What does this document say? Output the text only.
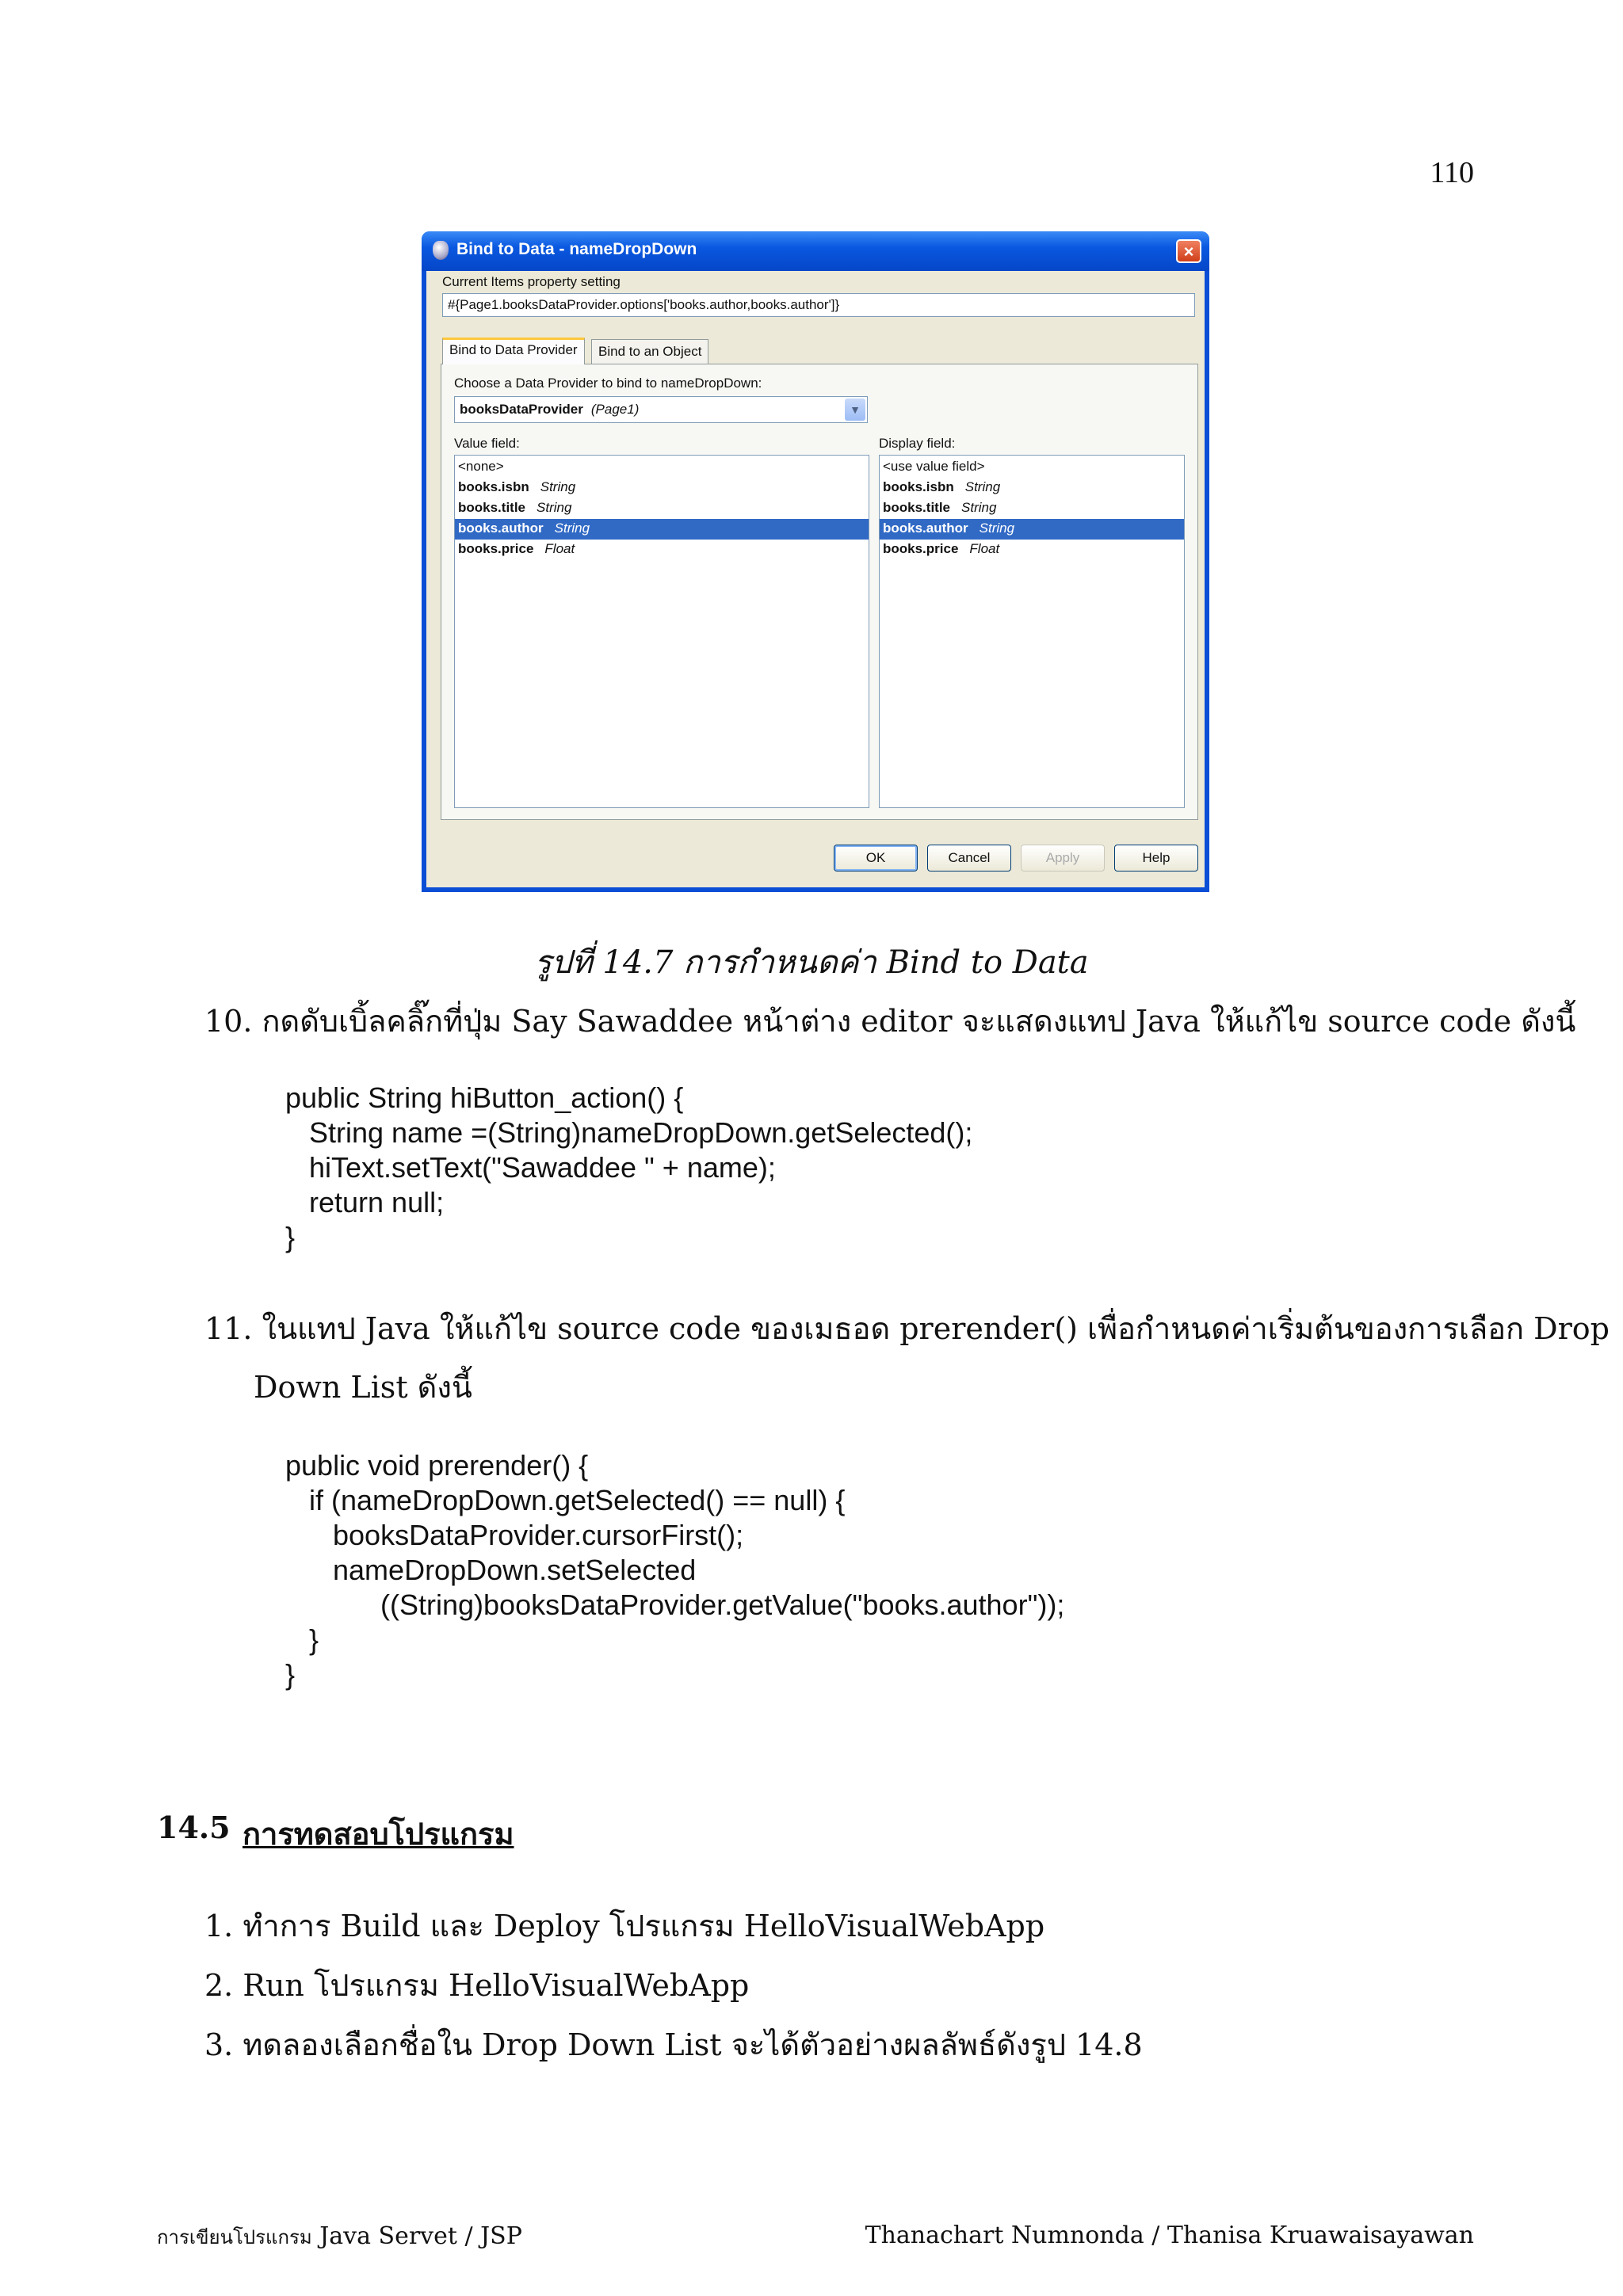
110
Bind to Data - nameDropDown	×
Current Items property setting
#{Page1.booksDataProvider.options['books.author,books.author']}
Bind to Data Provider	Bind to an Object
Choose a Data Provider to bind to nameDropDown:
booksDataProvider (Page1)	▼
Value field:	Display field:
<none>
books.isbn String
books.title String
books.author String
books.price Float
<use value field>
books.isbn String
books.title String
books.author String
books.price Float
OK	Cancel	Apply	Help
รูปที่ 14.7 การกำหนดค่า Bind to Data
10. กดดับเบิ้ลคลิ๊กที่ปุ่ม Say Sawaddee หน้าต่าง editor จะแสดงแทป Java ให้แก้ไข source code ดังนี้
public String hiButton_action() {
String name =(String)nameDropDown.getSelected();
hiText.setText("Sawaddee " + name);
return null;
}
11. ในแทป Java ให้แก้ไข source code ของเมธอด prerender() เพื่อกำหนดค่าเริ่มต้นของการเลือก Drop
Down List ดังนี้
public void prerender() {
if (nameDropDown.getSelected() == null) {
booksDataProvider.cursorFirst();
nameDropDown.setSelected
((String)booksDataProvider.getValue("books.author"));
}
}
14.5 การทดสอบโปรแกรม
1. ทำการ Build และ Deploy โปรแกรม HelloVisualWebApp
2. Run โปรแกรม HelloVisualWebApp
3. ทดลองเลือกชื่อใน Drop Down List จะได้ตัวอย่างผลลัพธ์ดังรูป 14.8
การเขียนโปรแกรม Java Servet / JSP	Thanachart Numnonda / Thanisa Kruawaisayawan
